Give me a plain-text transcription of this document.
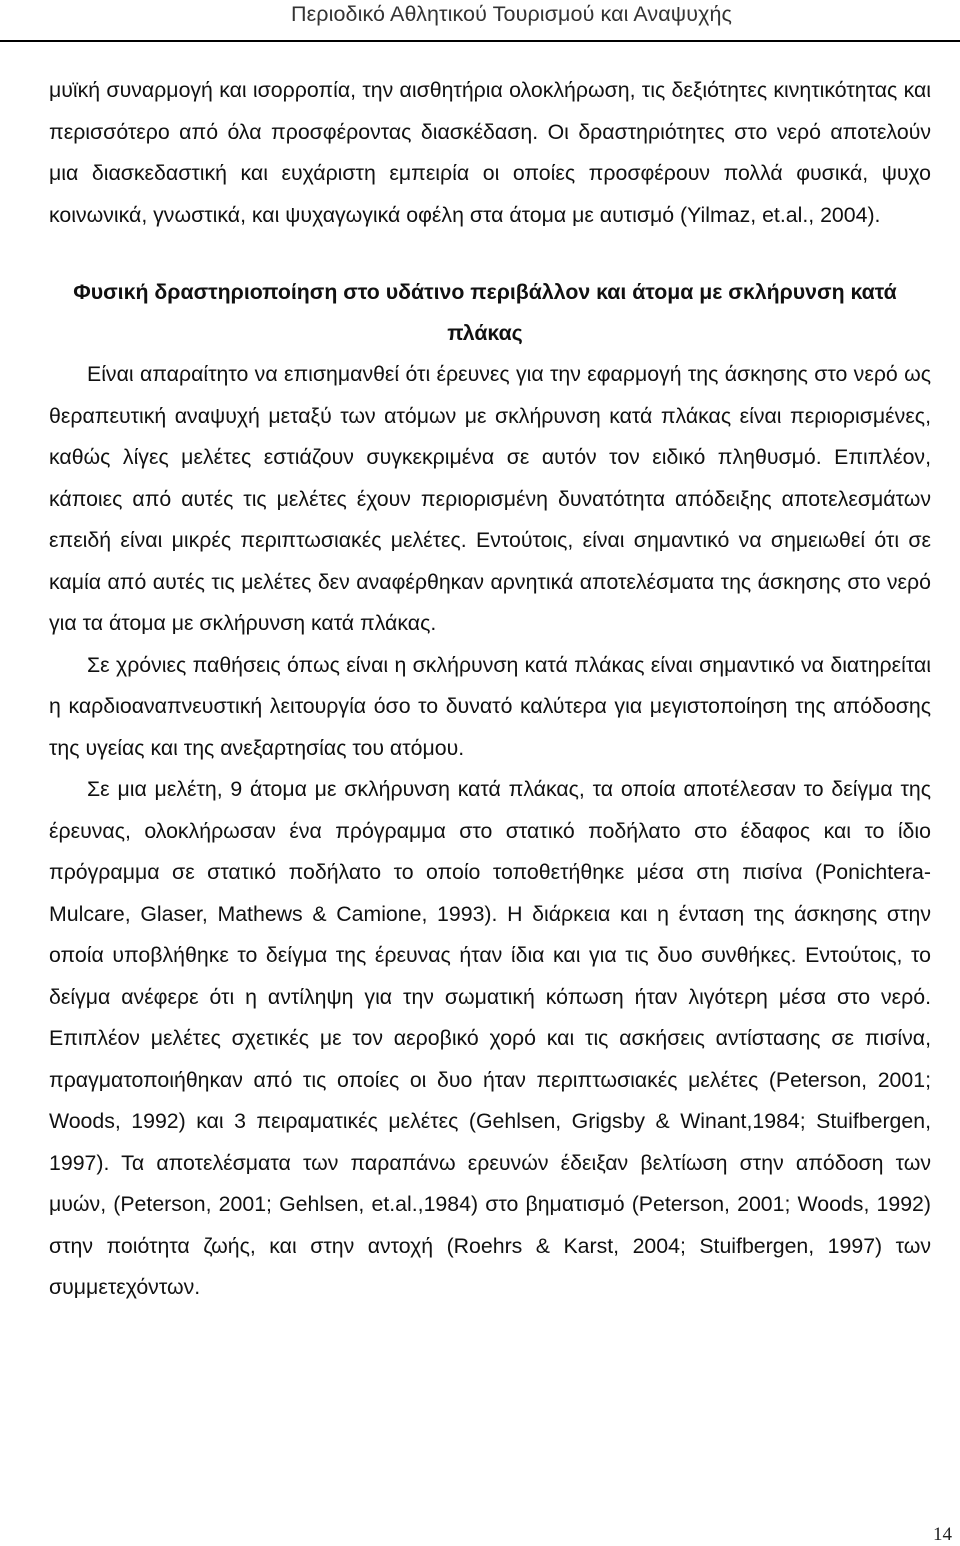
Περιοδικό Αθλητικού Τουρισμού και Αναψυχής

μυϊκή συναρμογή και ισορροπία, την αισθητήρια ολοκλήρωση, τις δεξιότητες κινητικότητας και περισσότερο από όλα προσφέροντας διασκέδαση. Οι δραστηριότητες στο νερό αποτελούν μια διασκεδαστική και ευχάριστη εμπειρία οι οποίες προσφέρουν πολλά φυσικά, ψυχο κοινωνικά, γνωστικά, και ψυχαγωγικά οφέλη στα άτομα με αυτισμό (Yilmaz, et.al., 2004).

Φυσική δραστηριοποίηση στο υδάτινο περιβάλλον και άτομα με σκλήρυνση κατά πλάκας

Είναι απαραίτητο να επισημανθεί ότι έρευνες για την εφαρμογή της άσκησης στο νερό ως θεραπευτική αναψυχή μεταξύ των ατόμων με σκλήρυνση κατά πλάκας είναι περιορισμένες, καθώς λίγες μελέτες εστιάζουν συγκεκριμένα σε αυτόν τον ειδικό πληθυσμό. Επιπλέον, κάποιες από αυτές τις μελέτες έχουν περιορισμένη δυνατότητα απόδειξης αποτελεσμάτων επειδή είναι μικρές περιπτωσιακές μελέτες. Εντούτοις, είναι σημαντικό να σημειωθεί ότι σε καμία από αυτές τις μελέτες δεν αναφέρθηκαν αρνητικά αποτελέσματα της άσκησης στο νερό για τα άτομα με σκλήρυνση κατά πλάκας.

Σε χρόνιες παθήσεις όπως είναι η σκλήρυνση κατά πλάκας είναι σημαντικό να διατηρείται η καρδιοαναπνευστική λειτουργία όσο το δυνατό καλύτερα για μεγιστοποίηση της απόδοσης της υγείας και της ανεξαρτησίας του ατόμου.

Σε μια μελέτη, 9 άτομα με σκλήρυνση κατά πλάκας, τα οποία αποτέλεσαν το δείγμα της έρευνας, ολοκλήρωσαν ένα πρόγραμμα στο στατικό ποδήλατο στο έδαφος και το ίδιο πρόγραμμα σε στατικό ποδήλατο το οποίο τοποθετήθηκε μέσα στη πισίνα (Ponichtera-Mulcare, Glaser, Mathews & Camione, 1993). Η διάρκεια και η ένταση της άσκησης στην οποία υποβλήθηκε το δείγμα της έρευνας ήταν ίδια και για τις δυο συνθήκες. Εντούτοις, το δείγμα ανέφερε ότι η αντίληψη για την σωματική κόπωση ήταν λιγότερη μέσα στο νερό. Επιπλέον μελέτες σχετικές με τον αεροβικό χορό και τις ασκήσεις αντίστασης σε πισίνα, πραγματοποιήθηκαν από τις οποίες οι δυο ήταν περιπτωσιακές μελέτες (Peterson, 2001; Woods, 1992) και 3 πειραματικές μελέτες (Gehlsen, Grigsby & Winant,1984; Stuifbergen, 1997). Τα αποτελέσματα των παραπάνω ερευνών έδειξαν βελτίωση στην απόδοση των μυών, (Peterson, 2001; Gehlsen, et.al.,1984) στο βηματισμό (Peterson, 2001; Woods, 1992) στην ποιότητα ζωής, και στην αντοχή (Roehrs & Karst, 2004; Stuifbergen, 1997) των συμμετεχόντων.

14
